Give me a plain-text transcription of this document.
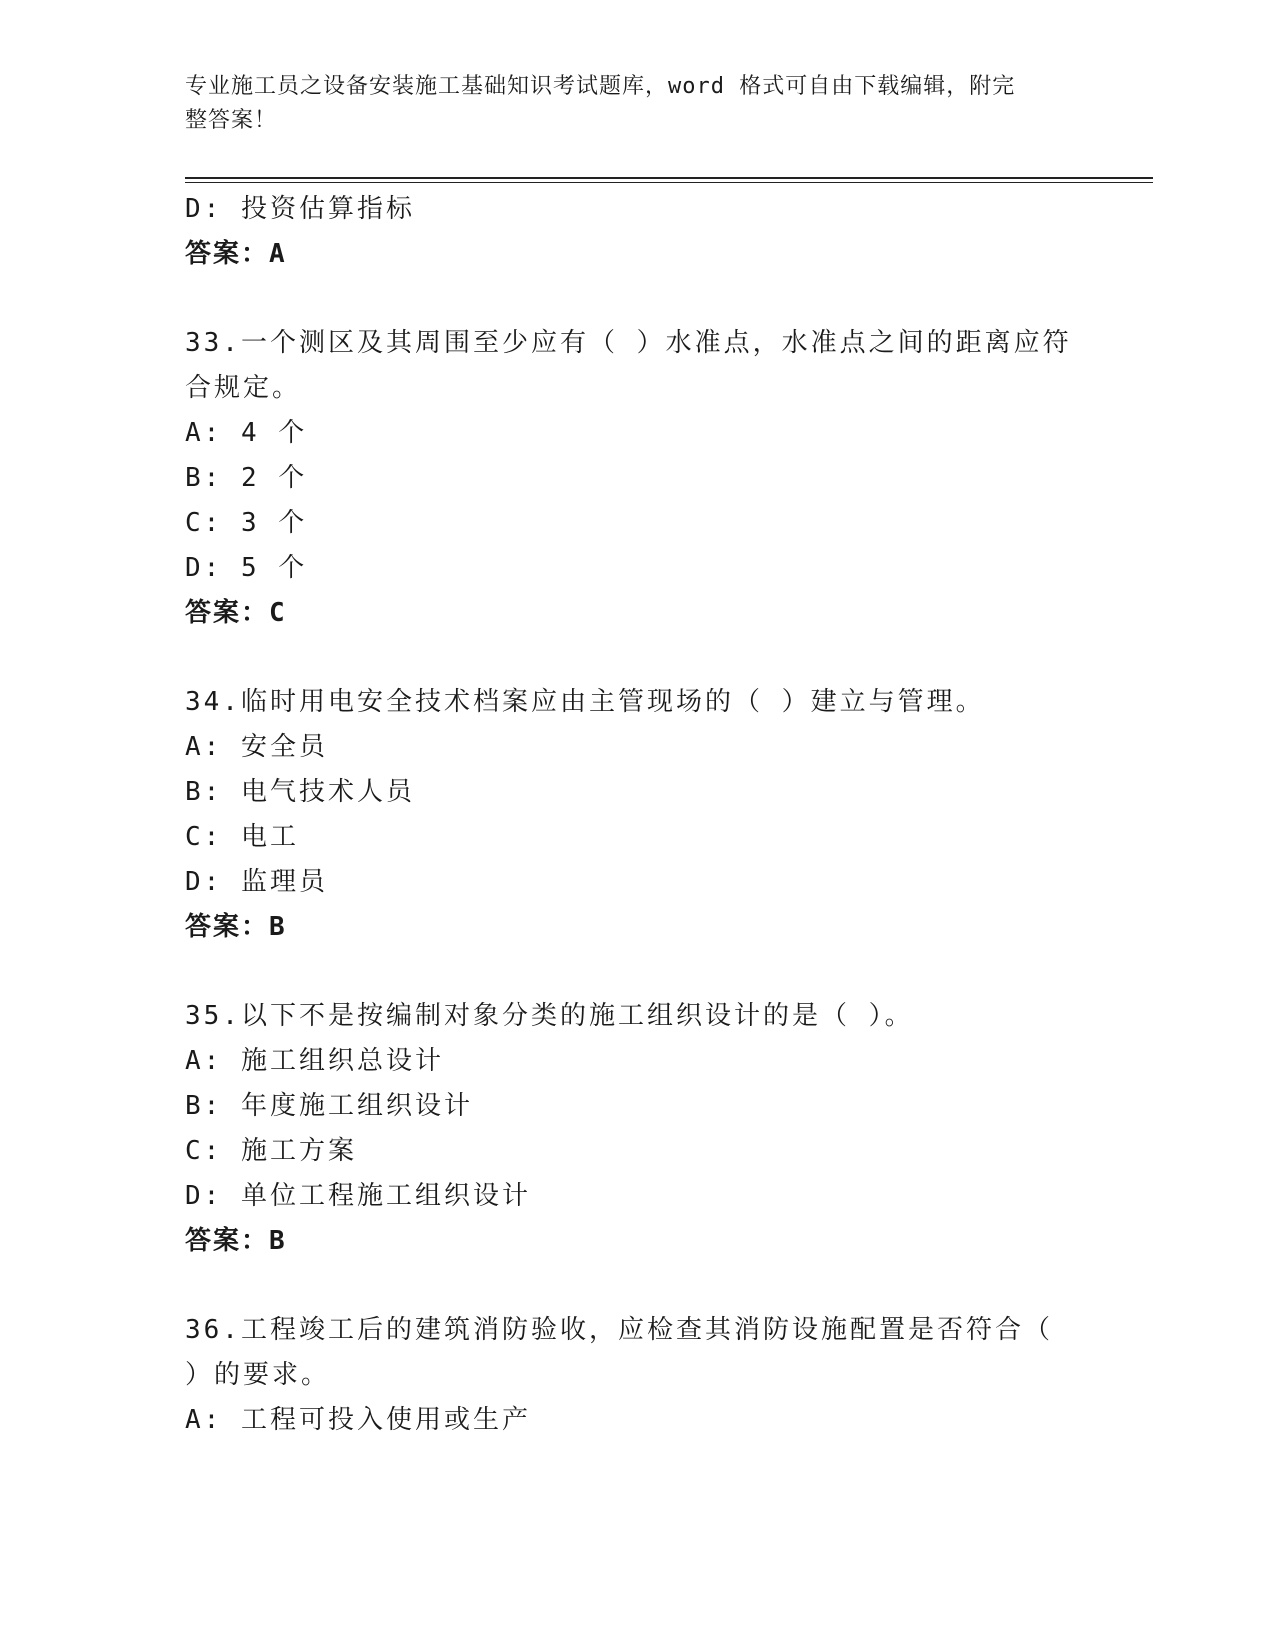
专业施工员之设备安装施工基础知识考试题库，word 格式可自由下载编辑，附完
整答案！
D: 投资估算指标
答案：A
33.一个测区及其周围至少应有（ ）水准点，水准点之间的距离应符
合规定。
A: 4 个
B: 2 个
C: 3 个
D: 5 个
答案：C
34.临时用电安全技术档案应由主管现场的（ ）建立与管理。
A: 安全员
B: 电气技术人员
C: 电工
D: 监理员
答案：B
35.以下不是按编制对象分类的施工组织设计的是（ ）。
A: 施工组织总设计
B: 年度施工组织设计
C: 施工方案
D: 单位工程施工组织设计
答案：B
36.工程竣工后的建筑消防验收，应检查其消防设施配置是否符合（
）的要求。
A: 工程可投入使用或生产
